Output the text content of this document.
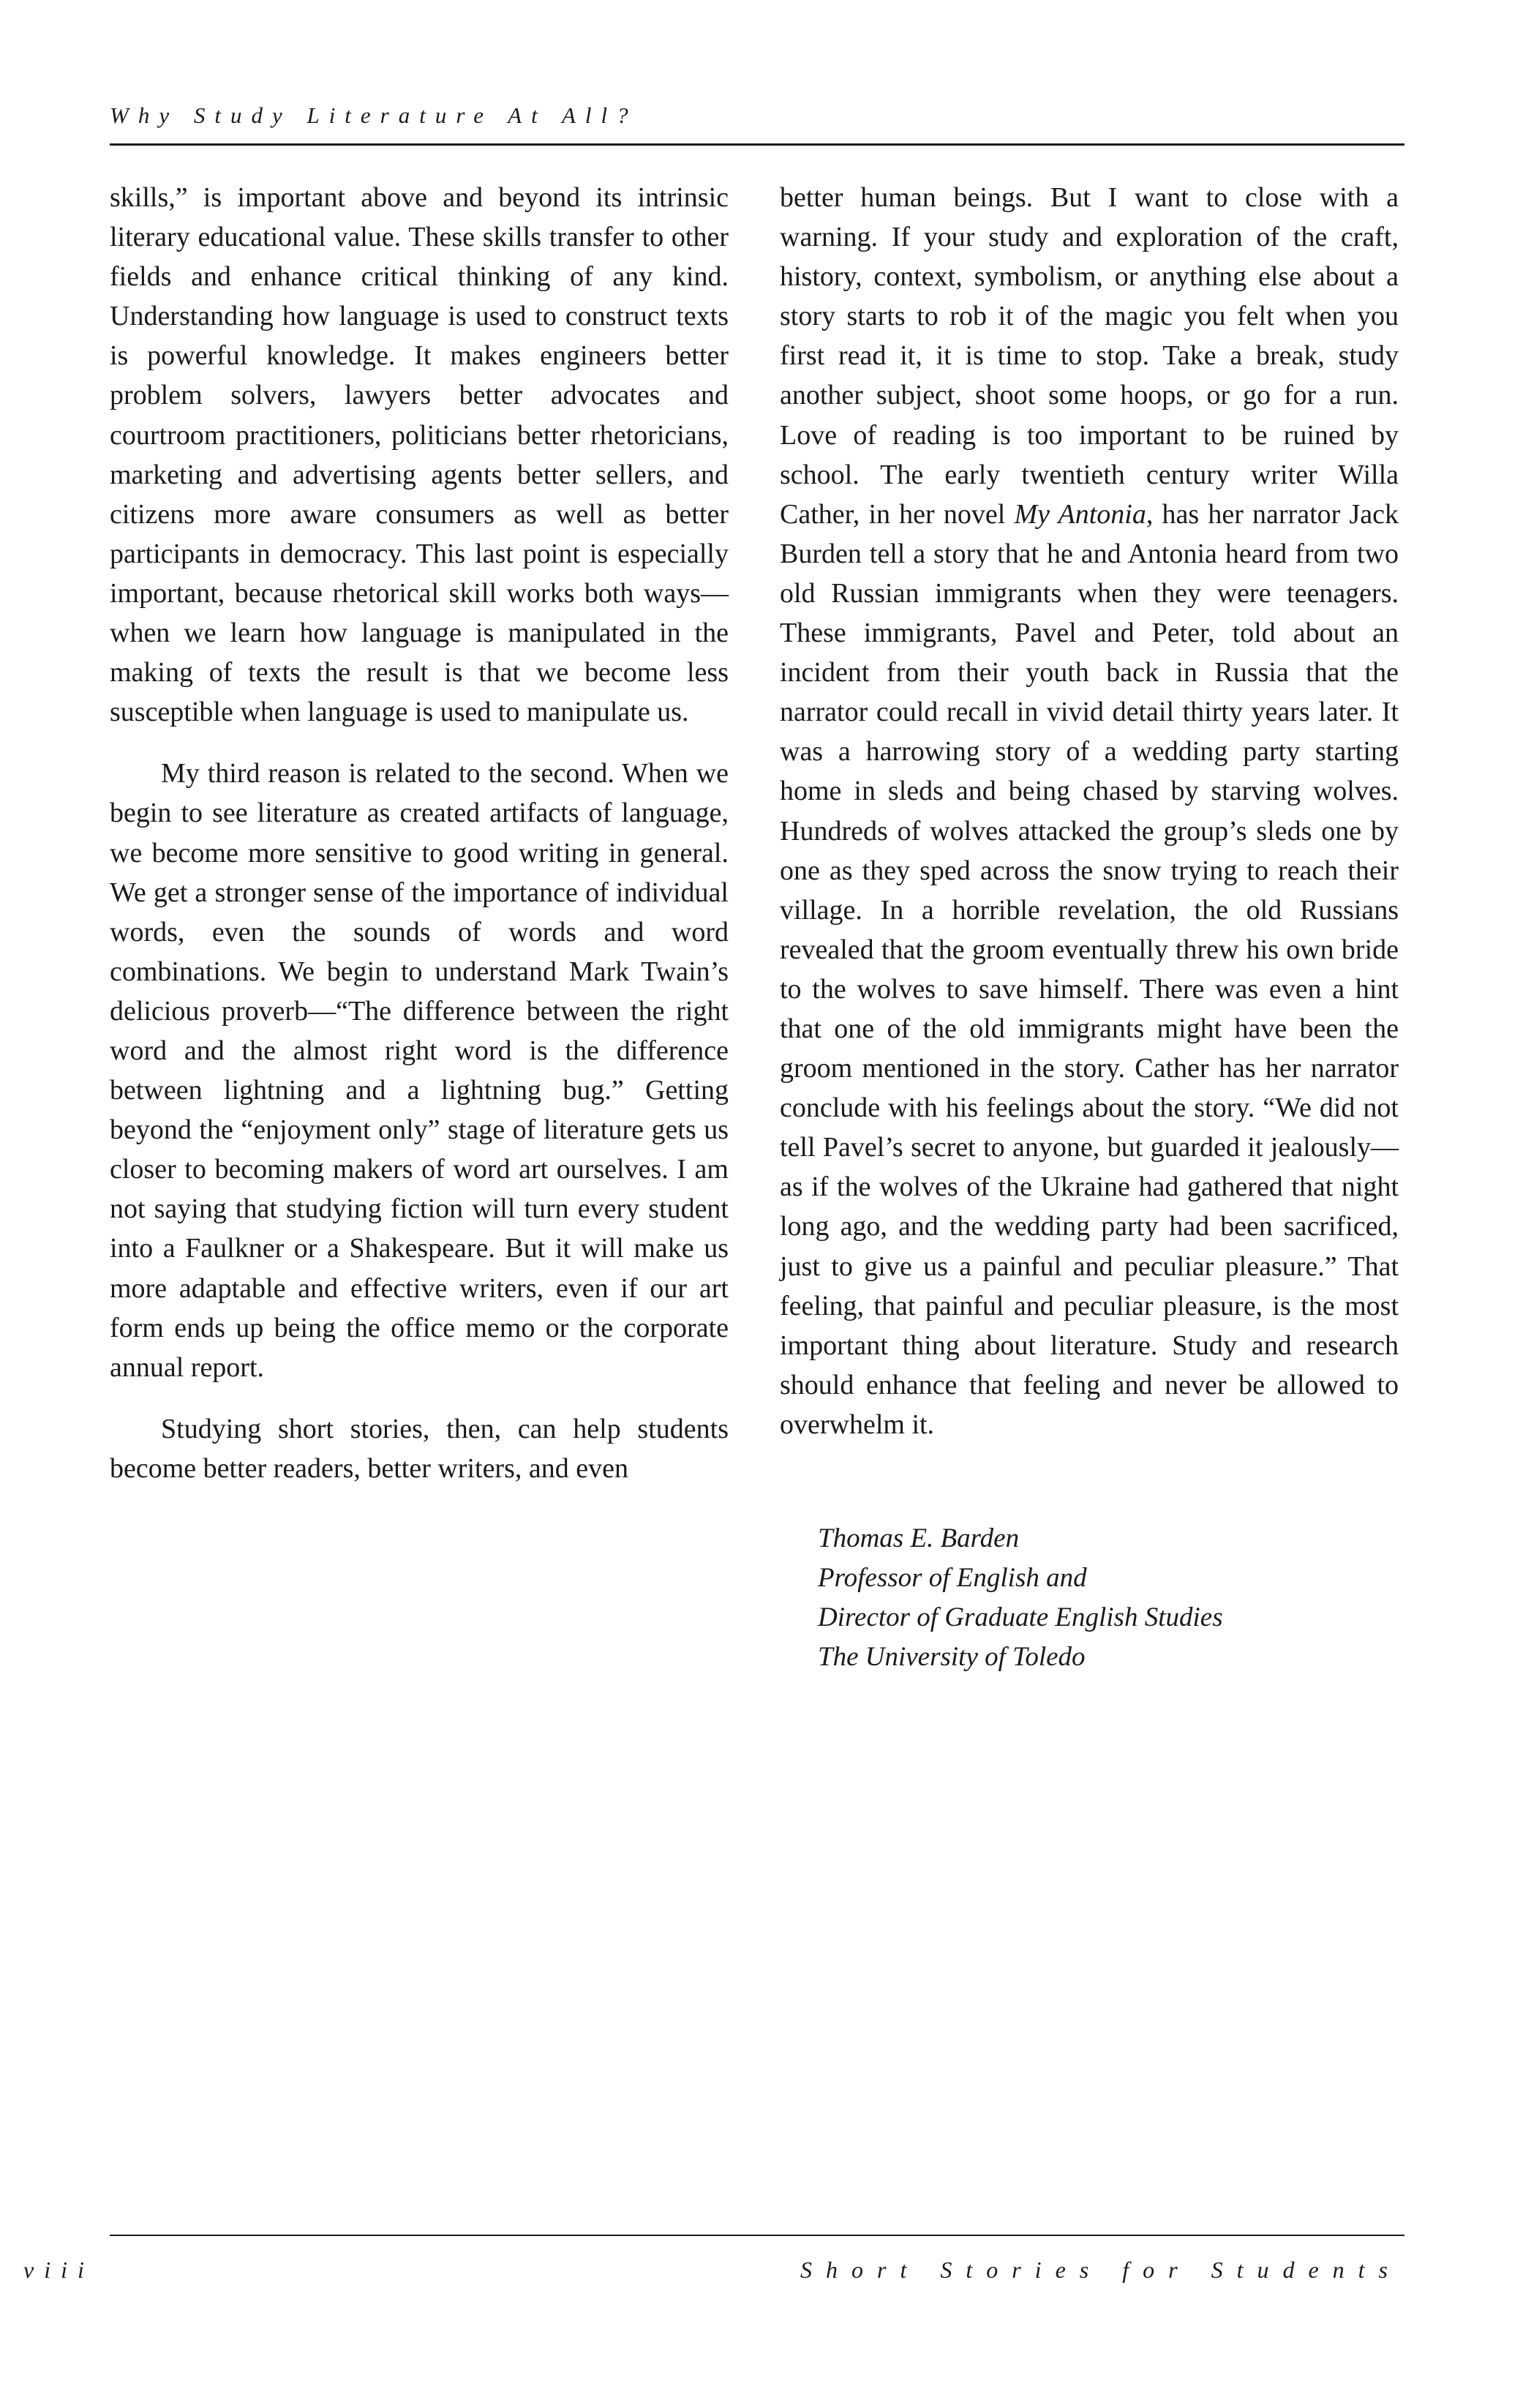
Why Study Literature At All?

skills,” is important above and beyond its intrinsic literary educational value. These skills transfer to other fields and enhance critical thinking of any kind. Understanding how language is used to construct texts is powerful knowledge. It makes engineers better problem solvers, lawyers better advocates and courtroom practitioners, politicians better rhetoricians, marketing and advertising agents better sellers, and citizens more aware consumers as well as better participants in democracy. This last point is especially important, because rhetorical skill works both ways—when we learn how language is manipulated in the making of texts the result is that we become less susceptible when language is used to manipulate us.

My third reason is related to the second. When we begin to see literature as created artifacts of language, we become more sensitive to good writing in general. We get a stronger sense of the importance of individual words, even the sounds of words and word combinations. We begin to understand Mark Twain’s delicious proverb—“The difference between the right word and the almost right word is the difference between lightning and a lightning bug.” Getting beyond the “enjoyment only” stage of literature gets us closer to becoming makers of word art ourselves. I am not saying that studying fiction will turn every student into a Faulkner or a Shakespeare. But it will make us more adaptable and effective writers, even if our art form ends up being the office memo or the corporate annual report.

Studying short stories, then, can help students become better readers, better writers, and even

better human beings. But I want to close with a warning. If your study and exploration of the craft, history, context, symbolism, or anything else about a story starts to rob it of the magic you felt when you first read it, it is time to stop. Take a break, study another subject, shoot some hoops, or go for a run. Love of reading is too important to be ruined by school. The early twentieth century writer Willa Cather, in her novel My Antonia, has her narrator Jack Burden tell a story that he and Antonia heard from two old Russian immigrants when they were teenagers. These immigrants, Pavel and Peter, told about an incident from their youth back in Russia that the narrator could recall in vivid detail thirty years later. It was a harrowing story of a wedding party starting home in sleds and being chased by starving wolves. Hundreds of wolves attacked the group’s sleds one by one as they sped across the snow trying to reach their village. In a horrible revelation, the old Russians revealed that the groom eventually threw his own bride to the wolves to save himself. There was even a hint that one of the old immigrants might have been the groom mentioned in the story. Cather has her narrator conclude with his feelings about the story. “We did not tell Pavel’s secret to anyone, but guarded it jealously—as if the wolves of the Ukraine had gathered that night long ago, and the wedding party had been sacrificed, just to give us a painful and peculiar pleasure.” That feeling, that painful and peculiar pleasure, is the most important thing about literature. Study and research should enhance that feeling and never be allowed to overwhelm it.

Thomas E. Barden
Professor of English and
Director of Graduate English Studies
The University of Toledo
viii	Short Stories for Students
